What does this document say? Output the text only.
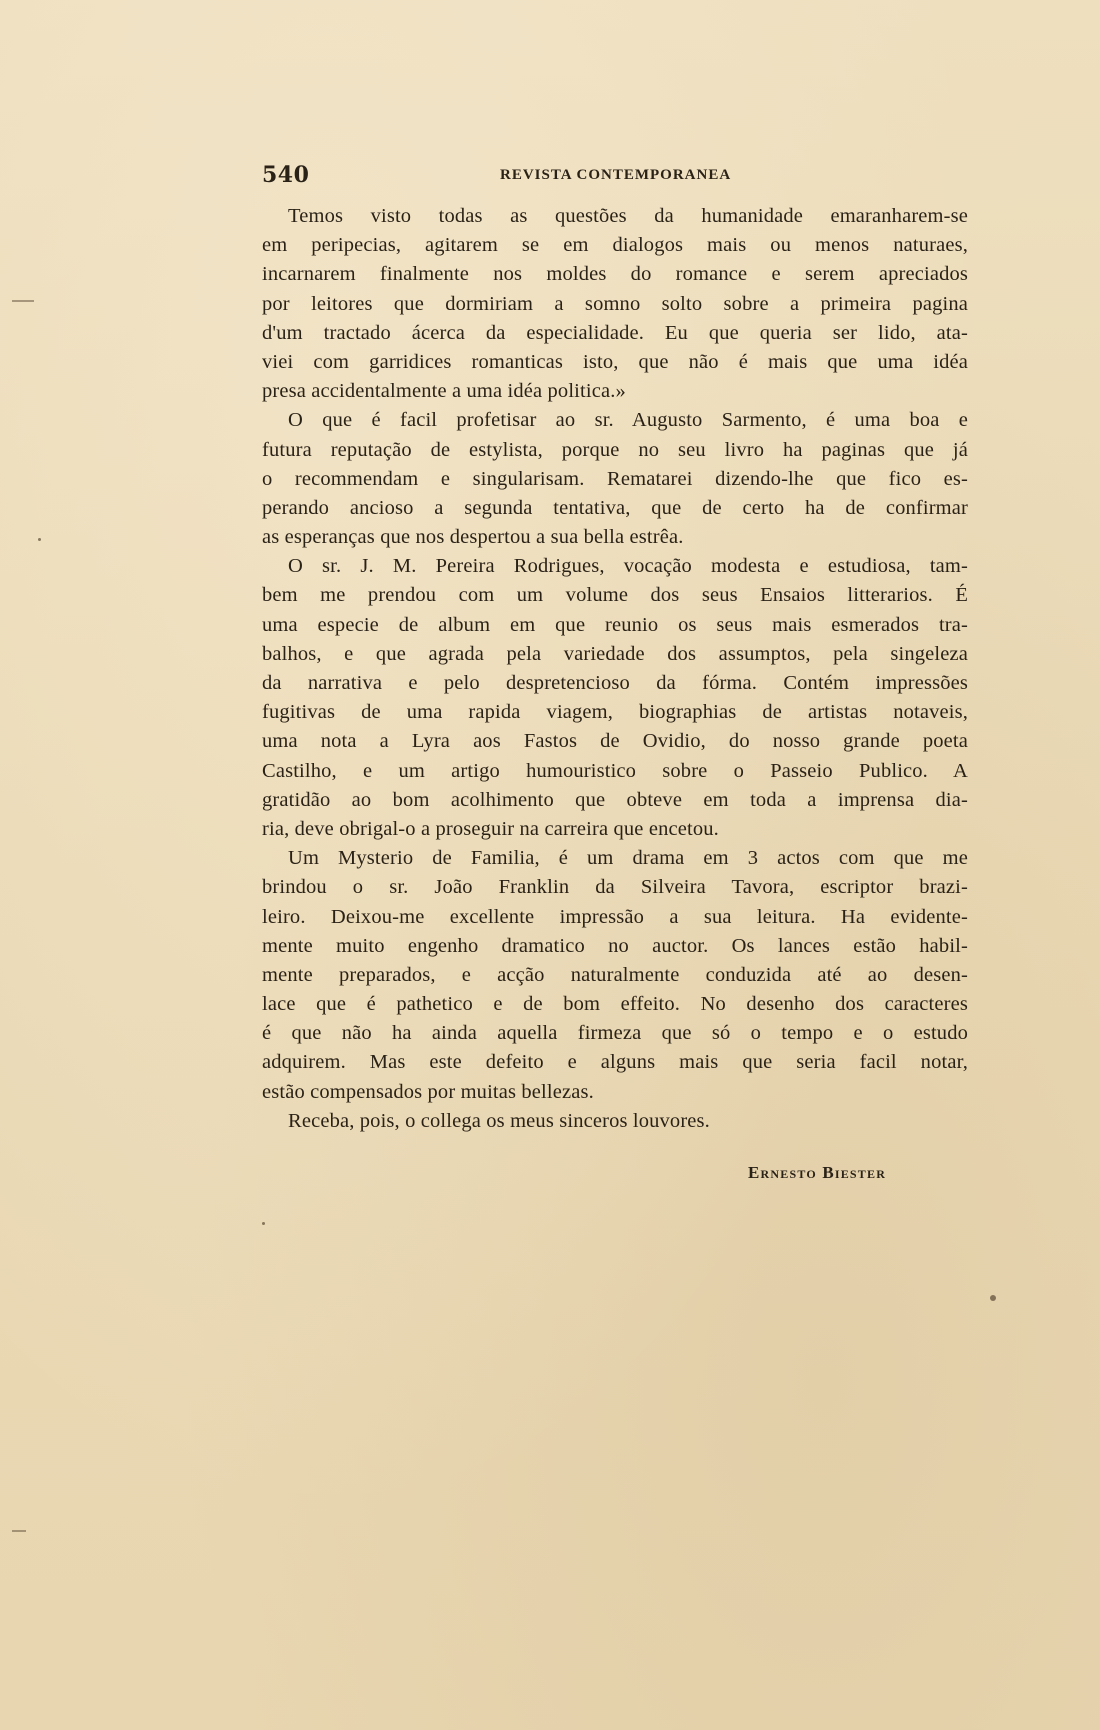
540	REVISTA CONTEMPORANEA
Temos visto todas as questões da humanidade emaranharem-se
em peripecias, agitarem se em dialogos mais ou menos naturaes,
incarnarem finalmente nos moldes do romance e serem apreciados
por leitores que dormiriam a somno solto sobre a primeira pagina
d'um tractado ácerca da especialidade. Eu que queria ser lido, ata-
viei com garridices romanticas isto, que não é mais que uma idéa
presa accidentalmente a uma idéa politica.»
O que é facil profetisar ao sr. Augusto Sarmento, é uma boa e
futura reputação de estylista, porque no seu livro ha paginas que já
o recommendam e singularisam. Rematarei dizendo-lhe que fico es-
perando ancioso a segunda tentativa, que de certo ha de confirmar
as esperanças que nos despertou a sua bella estrêa.
O sr. J. M. Pereira Rodrigues, vocação modesta e estudiosa, tam-
bem me prendou com um volume dos seus Ensaios litterarios. É
uma especie de album em que reunio os seus mais esmerados tra-
balhos, e que agrada pela variedade dos assumptos, pela singeleza
da narrativa e pelo despretencioso da fórma. Contém impressões
fugitivas de uma rapida viagem, biographias de artistas notaveis,
uma nota a Lyra aos Fastos de Ovidio, do nosso grande poeta
Castilho, e um artigo humouristico sobre o Passeio Publico. A
gratidão ao bom acolhimento que obteve em toda a imprensa dia-
ria, deve obrigal-o a proseguir na carreira que encetou.
Um Mysterio de Familia, é um drama em 3 actos com que me
brindou o sr. João Franklin da Silveira Tavora, escriptor brazi-
leiro. Deixou-me excellente impressão a sua leitura. Ha evidente-
mente muito engenho dramatico no auctor. Os lances estão habil-
mente preparados, e acção naturalmente conduzida até ao desen-
lace que é pathetico e de bom effeito. No desenho dos caracteres
é que não ha ainda aquella firmeza que só o tempo e o estudo
adquirem. Mas este defeito e alguns mais que seria facil notar,
estão compensados por muitas bellezas.
Receba, pois, o collega os meus sinceros louvores.
Ernesto Biester
